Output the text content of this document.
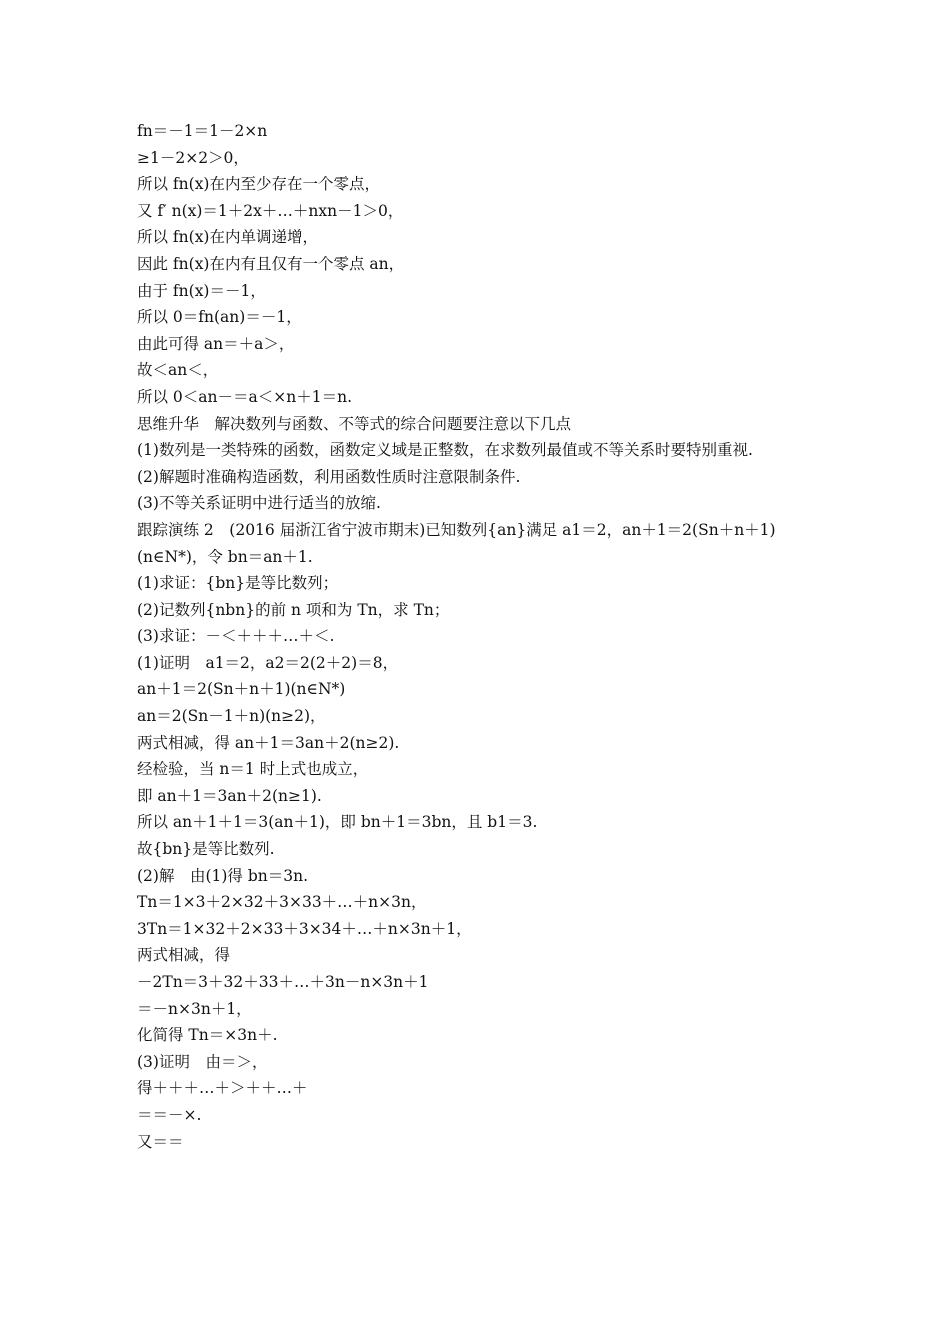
fn＝－1＝1－2×n
≥1－2×2＞0，
所以 fn(x)在内至少存在一个零点，
又 f′ n(x)＝1＋2x＋…＋nxn－1＞0，
所以 fn(x)在内单调递增，
因此 fn(x)在内有且仅有一个零点 an，
由于 fn(x)＝－1，
所以 0＝fn(an)＝－1，
由此可得 an＝＋a＞，
故＜an＜，
所以 0＜an－＝a＜×n＋1＝n.
思维升华　解决数列与函数、不等式的综合问题要注意以下几点
(1)数列是一类特殊的函数，函数定义域是正整数，在求数列最值或不等关系时要特别重视.
(2)解题时准确构造函数，利用函数性质时注意限制条件.
(3)不等关系证明中进行适当的放缩.
跟踪演练 2　(2016 届浙江省宁波市期末)已知数列{an}满足 a1＝2，an＋1＝2(Sn＋n＋1)
(n∈N*)，令 bn＝an＋1.
(1)求证：{bn}是等比数列；
(2)记数列{nbn}的前 n 项和为 Tn，求 Tn；
(3)求证：－＜＋＋＋…＋＜.
(1)证明　a1＝2，a2＝2(2＋2)＝8，
an＋1＝2(Sn＋n＋1)(n∈N*)
an＝2(Sn－1＋n)(n≥2)，
两式相减，得 an＋1＝3an＋2(n≥2).
经检验，当 n＝1 时上式也成立，
即 an＋1＝3an＋2(n≥1).
所以 an＋1＋1＝3(an＋1)，即 bn＋1＝3bn，且 b1＝3.
故{bn}是等比数列.
(2)解　由(1)得 bn＝3n.
Tn＝1×3＋2×32＋3×33＋…＋n×3n，
3Tn＝1×32＋2×33＋3×34＋…＋n×3n＋1，
两式相减，得
－2Tn＝3＋32＋33＋…＋3n－n×3n＋1
＝－n×3n＋1，
化简得 Tn＝×3n＋.
(3)证明　由＝＞，
得＋＋＋…＋＞＋＋…＋
＝＝－×.
又＝＝
